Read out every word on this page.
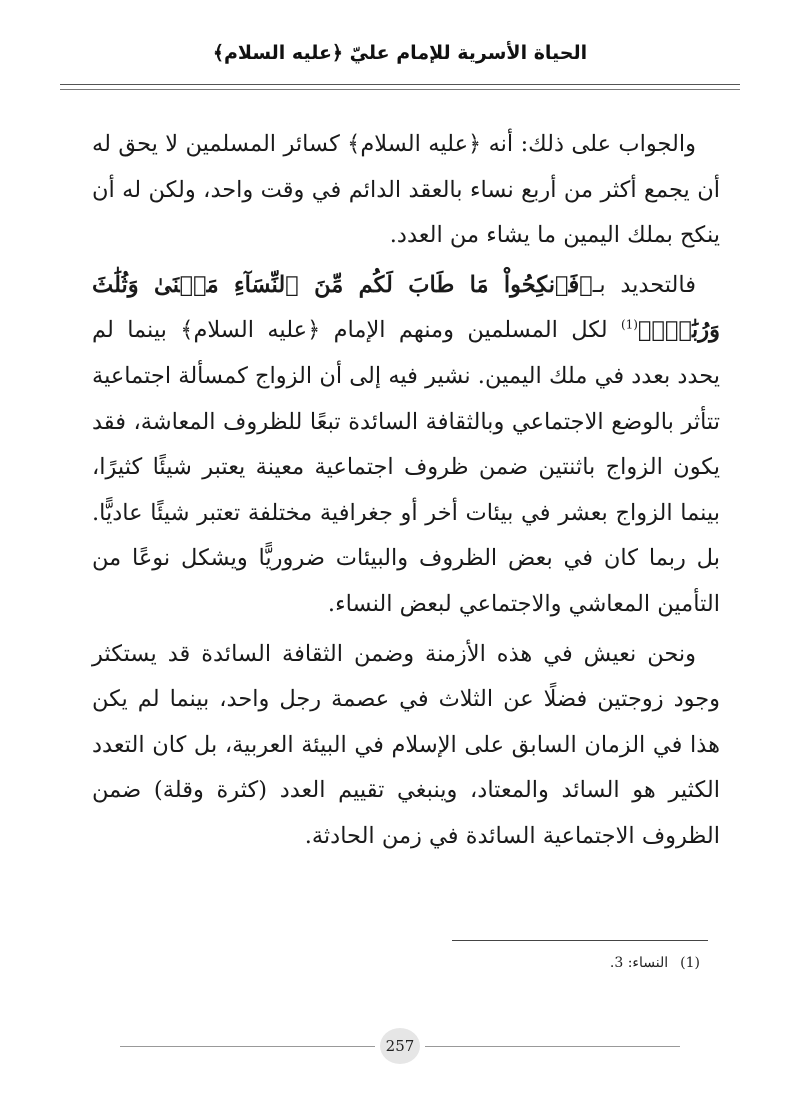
الحياة الأسرية للإمام عليّ ﴿عليه السلام﴾

والجواب على ذلك: أنه ﴿عليه السلام﴾ كسائر المسلمين لا يحق له أن يجمع أكثر من أربع نساء بالعقد الدائم في وقت واحد، ولكن له أن ينكح بملك اليمين ما يشاء من العدد.

فالتحديد بـ﴿فَٱنكِحُواْ مَا طَابَ لَكُم مِّنَ ٱلنِّسَآءِ مَثۡنَىٰ وَثُلَٰثَ وَرُبَٰعَۖ﴾$^{(1)}$ لكل المسلمين ومنهم الإمام ﴿عليه السلام﴾ بينما لم يحدد بعدد في ملك اليمين. نشير فيه إلى أن الزواج كمسألة اجتماعية تتأثر بالوضع الاجتماعي وبالثقافة السائدة تبعًا للظروف المعاشة، فقد يكون الزواج باثنتين ضمن ظروف اجتماعية معينة يعتبر شيئًا كثيرًا، بينما الزواج بعشر في بيئات أخر أو جغرافية مختلفة تعتبر شيئًا عاديًّا. بل ربما كان في بعض الظروف والبيئات ضروريًّا ويشكل نوعًا من التأمين المعاشي والاجتماعي لبعض النساء.

ونحن نعيش في هذه الأزمنة وضمن الثقافة السائدة قد يستكثر وجود زوجتين فضلًا عن الثلاث في عصمة رجل واحد، بينما لم يكن هذا في الزمان السابق على الإسلام في البيئة العربية، بل كان التعدد الكثير هو السائد والمعتاد، وينبغي تقييم العدد (كثرة وقلة) ضمن الظروف الاجتماعية السائدة في زمن الحادثة.

(1)النساء: 3.
257
